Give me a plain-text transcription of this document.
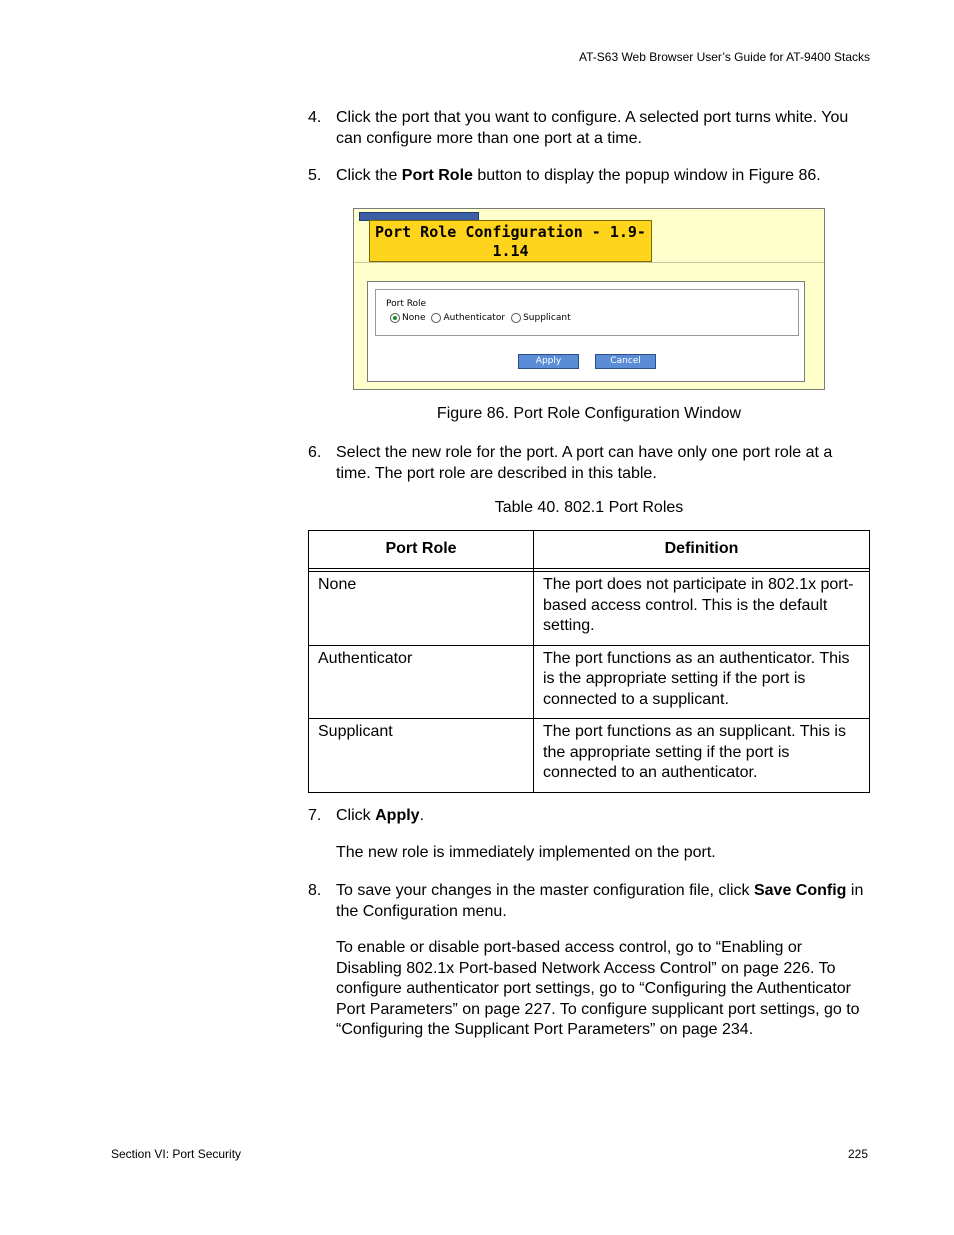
AT-S63 Web Browser User’s Guide for AT-9400 Stacks
4. Click the port that you want to configure. A selected port turns white. You can configure more than one port at a time.
5. Click the Port Role button to display the popup window in Figure 86.
Port Role Configuration - 1.9-1.14
Port Role
None Authenticator Supplicant
Apply	Cancel
Figure 86. Port Role Configuration Window
6. Select the new role for the port. A port can have only one port role at a time. The port role are described in this table.
Table 40. 802.1 Port Roles
Port Role	Definition

None	The port does not participate in 802.1x port-based access control. This is the default setting.
Authenticator	The port functions as an authenticator. This is the appropriate setting if the port is connected to a supplicant.
Supplicant	The port functions as an supplicant. This is the appropriate setting if the port is connected to an authenticator.
7. Click Apply.
The new role is immediately implemented on the port.
8. To save your changes in the master configuration file, click Save Config in the Configuration menu.
To enable or disable port-based access control, go to “Enabling or Disabling 802.1x Port-based Network Access Control” on page 226. To configure authenticator port settings, go to “Configuring the Authenticator Port Parameters” on page 227. To configure supplicant port settings, go to “Configuring the Supplicant Port Parameters” on page 234.
Section VI: Port Security	225
